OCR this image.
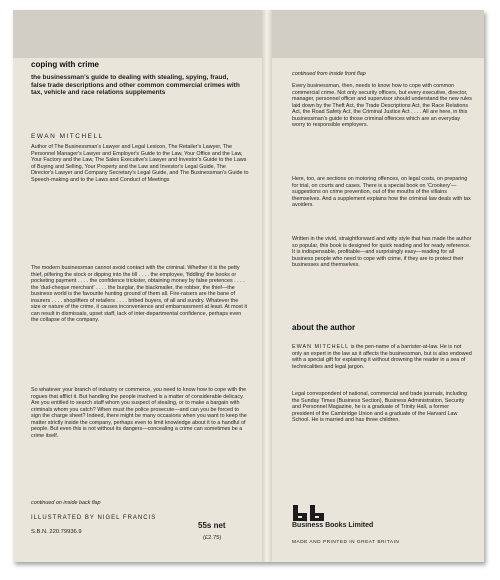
coping with crime
the businessman's guide to dealing with stealing, spying, fraud, false trade descriptions and other common commercial crimes with tax, vehicle and race relations supplements
EWAN MITCHELL
Author of The Businessman's Lawyer and Legal Lexicon, The Retailer's Lawyer, The Personnel Manager's Lawyer and Employer's Guide to the Law, Your Office and the Law, Your Factory and the Law, The Sales Executive's Lawyer and Investor's Guide to the Laws of Buying and Selling, Your Property and the Law and Investor's Legal Guide, The Director's Lawyer and Company Secretary's Legal Guide, and The Businessman's Guide to Speech-making and to the Laws and Conduct of Meetings
The modern businessman cannot avoid contact with the criminal. Whether it is the petty thief, pilfering the stock or dipping into the till . . . . the employee, 'fiddling' the books or pocketing payment . . . . the confidence trickster, obtaining money by false pretences . . . . the 'dud-cheque merchant' . . . . the burglar, the blackmailer, the robber, the thief—the business world is the favourite hunting ground of them all. Fire-raisers are the bane of insurers . . . . shoplifters of retailers . . . . bribed buyers, of all and sundry. Whatever the size or nature of the crime, it causes inconvenience and embarrassment at least. At most it can result in dismissals, upset staff, lack of inter-departmental confidence, perhaps even the collapse of the company.
So whatever your branch of industry or commerce, you need to know how to cope with the rogues that afflict it. But handling the people involved is a matter of considerable delicacy. Are you entitled to search staff whom you suspect of stealing, or to make a bargain with criminals whom you catch? When must the police prosecute—and can you be forced to sign the charge sheet? Indeed, there might be many occasions when you want to keep the matter strictly inside the company, perhaps even to limit knowledge about it to a handful of people. But even this is not without its dangers—concealing a crime can sometimes be a crime itself.
continued on inside back flap
ILLUSTRATED BY NIGEL FRANCIS
S.B.N. 220.79936.9
55s net
(£2.75)
continued from inside front flap
Every businessman, then, needs to know how to cope with common commercial crime. Not only security officers, but every executive, director, manager, personnel officer and supervisor should understand the new rules laid down by the Theft Act, the Trade Descriptions Act, the Race Relations Act, the Road Safety Act, the Criminal Justice Act . . . . All are here, in this businessman's guide to those criminal offences which are an everyday worry to responsible employers.
Here, too, are sections on motoring offences, on legal costs, on preparing for trial, on courts and cases. There is a special book on 'Crookery'—suggestions on crime prevention, out of the mouths of the villains themselves. And a supplement explains how the criminal law deals with tax avoiders.
Written in the vivid, straightforward and witty style that has made the author so popular, this book is designed for quick reading and for ready reference. It is indispensable, profitable—and surprisingly easy—reading for all business people who need to cope with crime, if they are to protect their businesses and themselves.
about the author
EWAN MITCHELL is the pen-name of a barrister-at-law. He is not only an expert in the law as it affects the businessman, but is also endowed with a special gift for explaining it without drowning the reader in a sea of technicalities and legal jargon.
Legal correspondent of national, commercial and trade journals, including the Sunday Times (Business Section), Business Administration, Security and Personnel Magazine, he is a graduate of Trinity Hall, a former president of the Cambridge Union and a graduate of the Harvard Law School. He is married and has three children.
Business Books Limited
MADE AND PRINTED IN GREAT BRITAIN
